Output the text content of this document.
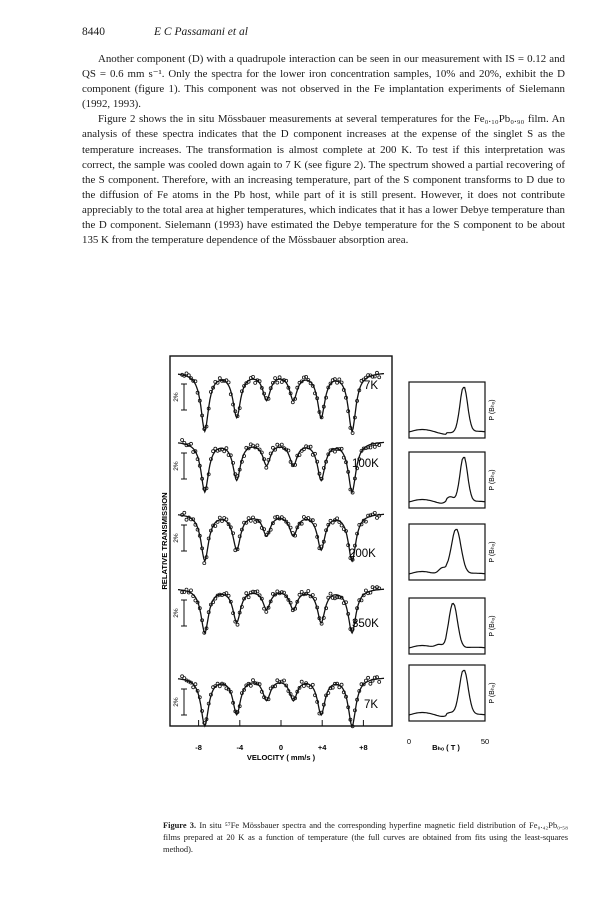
8440	E C Passamani et al

Another component (D) with a quadrupole interaction can be seen in our measurement with IS = 0.12 and QS = 0.6 mm s⁻¹. Only the spectra for the lower iron concentration samples, 10% and 20%, exhibit the D component (figure 1). This component was not observed in the Fe implantation experiments of Sielemann (1992, 1993).

Figure 2 shows the in situ Mössbauer measurements at several temperatures for the Fe₀.₁₀Pb₀.₉₀ film. An analysis of these spectra indicates that the D component increases at the expense of the singlet S as the temperature increases. The transformation is almost complete at 200 K. To test if this interpretation was correct, the sample was cooled down again to 7 K (see figure 2). The spectrum showed a partial recovering of the S component. Therefore, with an increasing temperature, part of the S component transforms to D due to the diffusion of Fe atoms in the Pb host, while part of it is still present. However, it does not contribute appreciably to the total area at higher temperatures, which indicates that it has a lower Debye temperature than the D component. Sielemann (1993) have estimated the Debye temperature for the S component to be about 135 K from the temperature dependence of the Mössbauer absorption area.

2%
2%
2%
2%
2%
7K
100K
200K
350K
7K
-8	-4	0	+4	+8
VELOCITY ( mm/s )
RELATIVE TRANSMISSION
P (Bₕₒ)
P (Bₕₒ)
P (Bₕₒ)
P (Bₕₒ)
P (Bₕₒ)
0	50
Bₕₒ ( T )
Figure 3. In situ ⁵⁷Fe Mössbauer spectra and the corresponding hyperfine magnetic field distribution of Fe₀.₄₂Pb₀.₅₈ films prepared at 20 K as a function of temperature (the full curves are obtained from fits using the least-squares method).
